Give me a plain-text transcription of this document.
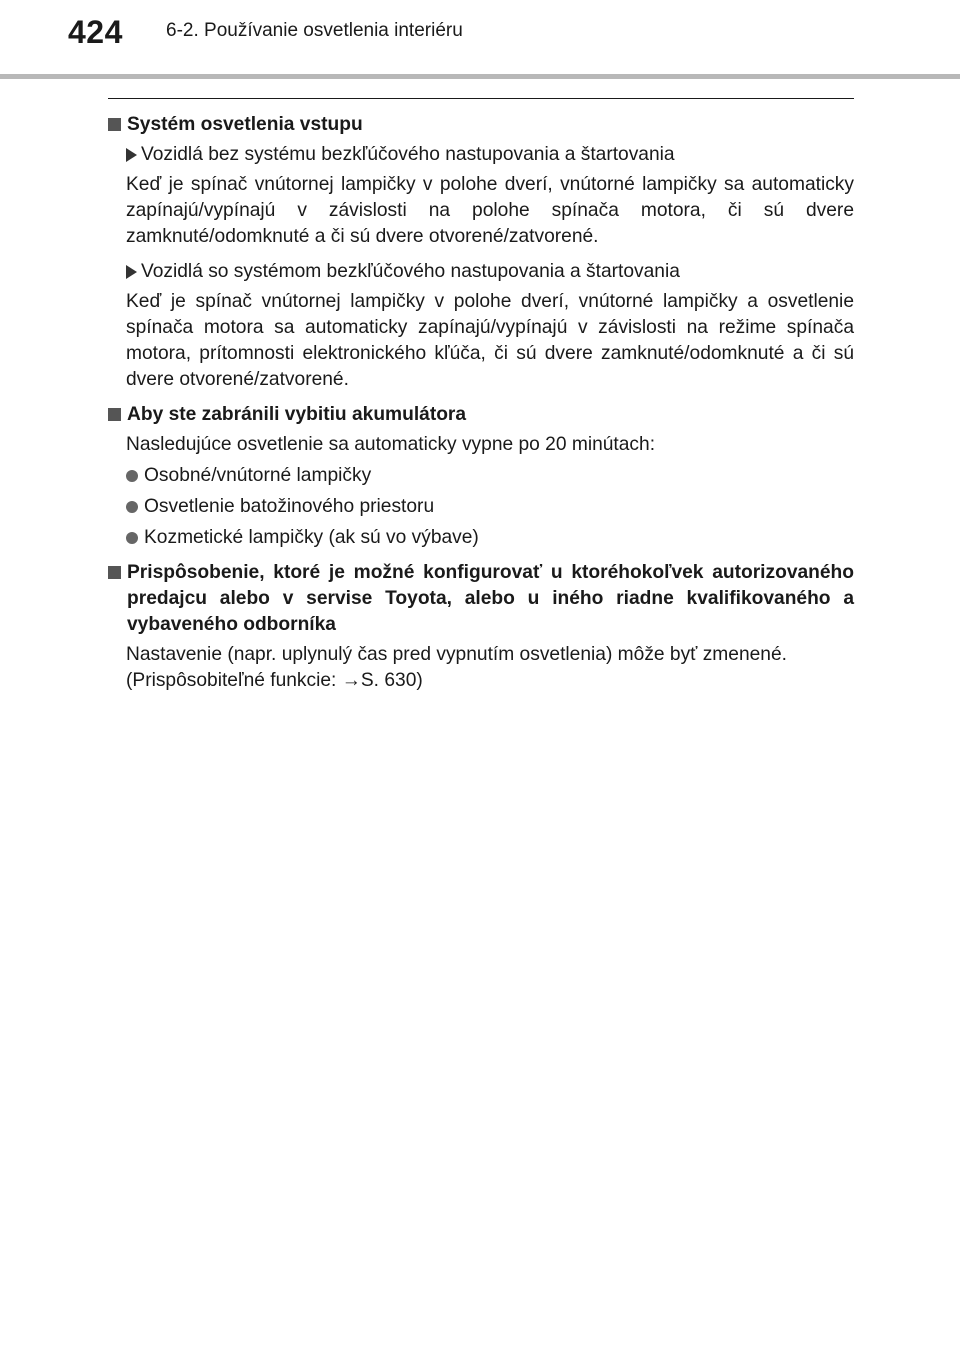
424 6-2. Používanie osvetlenia interiéru
Systém osvetlenia vstupu
Vozidlá bez systému bezkľúčového nastupovania a štartovania
Keď je spínač vnútornej lampičky v polohe dverí, vnútorné lampičky sa automaticky zapínajú/vypínajú v závislosti na polohe spínača motora, či sú dvere zamknuté/odomknuté a či sú dvere otvorené/zatvorené.
Vozidlá so systémom bezkľúčového nastupovania a štartovania
Keď je spínač vnútornej lampičky v polohe dverí, vnútorné lampičky a osvetlenie spínača motora sa automaticky zapínajú/vypínajú v závislosti na režime spínača motora, prítomnosti elektronického kľúča, či sú dvere zamknuté/odomknuté a či sú dvere otvorené/zatvorené.
Aby ste zabránili vybitiu akumulátora
Nasledujúce osvetlenie sa automaticky vypne po 20 minútach:
Osobné/vnútorné lampičky
Osvetlenie batožinového priestoru
Kozmetické lampičky (ak sú vo výbave)
Prispôsobenie, ktoré je možné konfigurovať u ktoréhokoľvek autorizovaného predajcu alebo v servise Toyota, alebo u iného riadne kvalifikovaného a vybaveného odborníka
Nastavenie (napr. uplynulý čas pred vypnutím osvetlenia) môže byť zmenené.
(Prispôsobiteľné funkcie: →S. 630)
